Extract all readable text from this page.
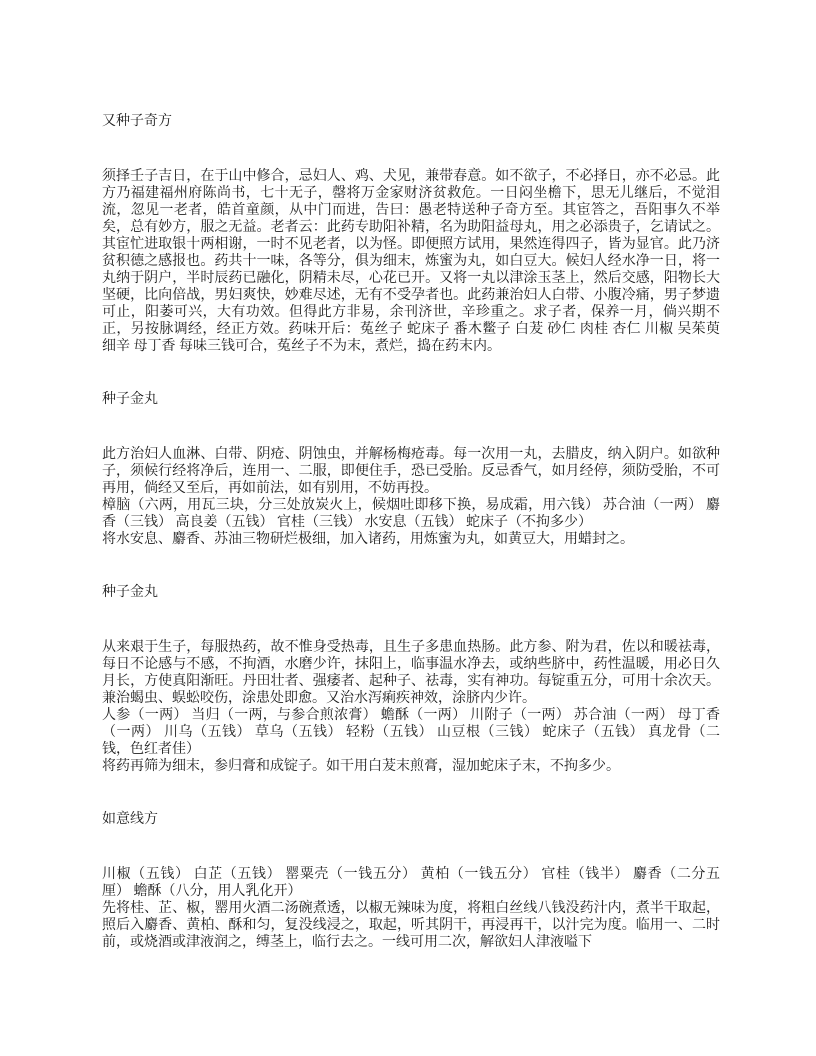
又种子奇方

须择壬子吉日，在于山中修合，忌妇人、鸡、犬见，兼带春意。如不欲子，不必择日，亦不必忌。此方乃福建福州府陈尚书，七十无子，罄将万金家财济贫救危。一日闷坐檐下，思无儿继后，不觉泪流，忽见一老者，皓首童颜，从中门而进，告曰：愚老特送种子奇方至。其宦答之，吾阳事久不举矣，总有妙方，服之无益。老者云：此药专助阳补精，名为助阳益母丸，用之必添贵子，乞请试之。其宦忙进取银十两相谢，一时不见老者，以为怪。即便照方试用，果然连得四子，皆为显官。此乃济贫积德之感报也。药共十一味，各等分，俱为细末，炼蜜为丸，如白豆大。候妇人经水净一日，将一丸纳于阴户，半时辰药已融化，阴精未尽，心花已开。又将一丸以津涂玉茎上，然后交感，阳物长大坚硬，比向倍战，男妇爽快，妙难尽述，无有不受孕者也。此药兼治妇人白带、小腹冷痛，男子梦遗可止，阳萎可兴，大有功效。但得此方非易，余刊济世，辛珍重之。求子者，保养一月，倘兴期不正，另按脉调经，经正方效。药味开后：菟丝子 蛇床子 番木鳖子 白茇 砂仁 肉桂 杏仁 川椒 吴茱萸 细辛 母丁香 每味三钱可合，菟丝子不为末，煮烂，捣在药末内。

种子金丸

此方治妇人血淋、白带、阴疮、阴蚀虫，并解杨梅疮毒。每一次用一丸，去腊皮，纳入阴户。如欲种子，须候行经将净后，连用一、二服，即便住手，恐已受胎。反忌香气，如月经停，须防受胎，不可再用，倘经又至后，再如前法，如有别用，不妨再投。

樟脑（六两，用瓦三块，分三处放炭火上，候烟吐即移下换，易成霜，用六钱） 苏合油（一两） 麝香（三钱） 高良姜（五钱） 官桂（三钱） 水安息（五钱） 蛇床子（不拘多少）

将水安息、麝香、苏油三物研烂极细，加入诸药，用炼蜜为丸，如黄豆大，用蜡封之。

种子金丸

从来艰于生子，每服热药，故不惟身受热毒，且生子多患血热肠。此方参、附为君，佐以和暖祛毒，每日不论感与不感，不拘酒，水磨少许，抹阳上，临事温水净去，或纳些脐中，药性温暖，用必日久月长，方使真阳渐旺。丹田壮者、强痿者、起种子、祛毒，实有神功。每锭重五分，可用十余次天。兼治蝎虫、蜈蚣咬伤，涂患处即愈。又治水泻痢疾神效，涂脐内少许。

人参（一两） 当归（一两，与参合煎浓膏） 蟾酥（一两） 川附子（一两） 苏合油（一两） 母丁香（一两） 川乌（五钱） 草乌（五钱） 轻粉（五钱） 山豆根（三钱） 蛇床子（五钱） 真龙骨（二钱，色红者佳）

将药再筛为细末，参归膏和成锭子。如干用白茇末煎膏，湿加蛇床子末，不拘多少。

如意线方

川椒（五钱） 白芷（五钱） 罂粟壳（一钱五分） 黄柏（一钱五分） 官桂（钱半） 麝香（二分五厘） 蟾酥（八分，用人乳化开）

先将桂、芷、椒，罂用火酒二汤碗煮透，以椒无辣味为度，将粗白丝线八钱没药汁内，煮半干取起，照后入麝香、黄柏、酥和匀，复没线浸之，取起，听其阴干，再浸再干，以汁完为度。临用一、二时前，或烧酒或津液润之，缚茎上，临行去之。一线可用二次，解欲妇人津液嗌下
